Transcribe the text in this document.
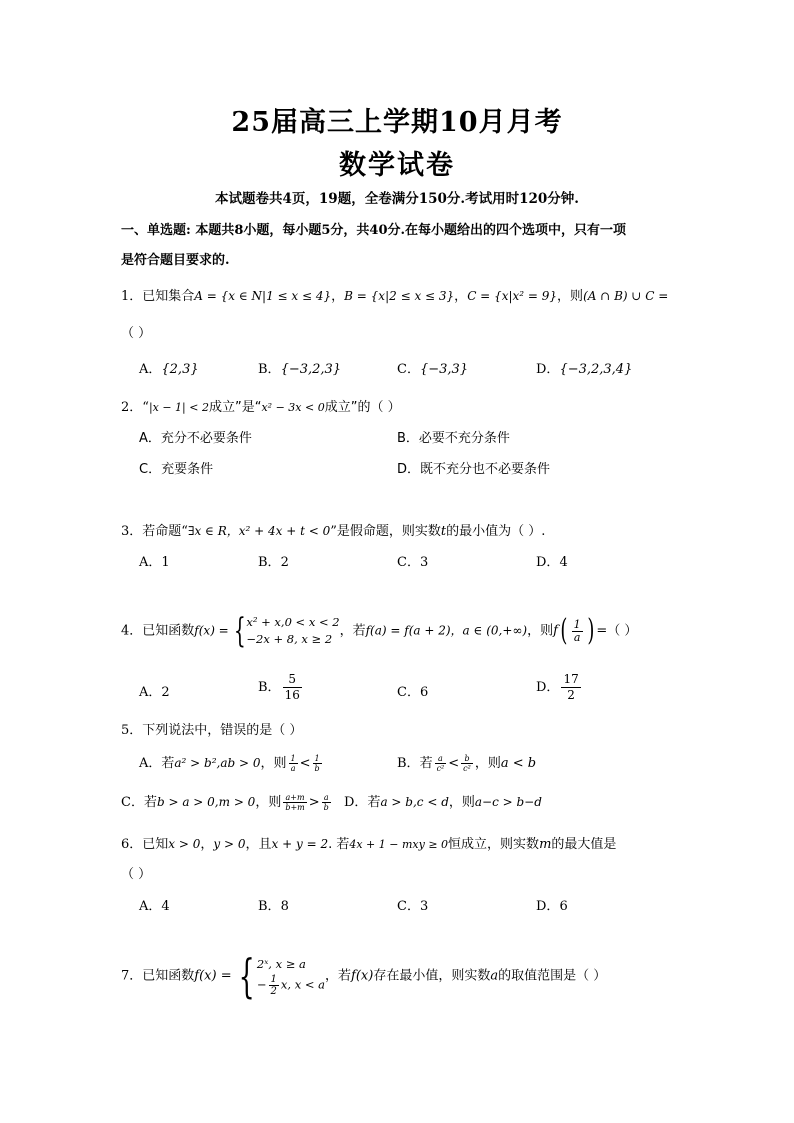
25届高三上学期10月月考
数学试卷
本试题卷共4页，19题，全卷满分150分.考试用时120分钟.
一、单选题: 本题共8小题，每小题5分，共40分.在每小题给出的四个选项中，只有一项
是符合题目要求的.
1．已知集合A = {x ∈ N|1 ≤ x ≤ 4}，B = {x|2 ≤ x ≤ 3}，C = {x|x² = 9}，则(A ∩ B) ∪ C =
（ ）
A．{2,3}	B．{−3,2,3}	C．{−3,3}	D．{−3,2,3,4}
2．“|x − 1| < 2成立”是“x² − 3x < 0成立”的（ ）
A．充分不必要条件	B．必要不充分条件
C．充要条件	D．既不充分也不必要条件
3．若命题“∃x ∈ R，x² + 4x + t < 0”是假命题，则实数t的最小值为（ ）.
A．1	B．2	C．3	D．4
4．已知函数f(x) = { x² + x,0 < x < 2
−2x + 8, x ≥ 2
，若f(a) = f(a + 2)，a ∈ (0,+∞)，则$f( \frac{1}{a}$ ) =（ ）
A．2	B． $\frac{5}{16}$	C．6	D． $\frac{17}{2}$
5．下列说法中，错误的是（ ）
A．若a² > b²,ab > 0，则 $\frac{1}{a} < \frac{1}{b}$	B．若 $\frac{a}{\text{c²}} < \frac{b}{\text{c²}}$ ，则a < b
C．若b > a > 0,m > 0，则 $\frac{a+m}{b+m} > \frac{a}{b}$ D．若a > b,c < d，则a−c > b−d
6．已知x > 0，y > 0，且x + y = 2. 若4x + 1 − mxy ≥ 0恒成立，则实数m的最大值是
（ ）
A．4	B．8	C．3	D．6
7．已知函数f(x) = { 2ˣ, x ≥ a
− $\frac{1}{2} x$, x < a
，若f(x)存在最小值，则实数a的取值范围是（ ）
